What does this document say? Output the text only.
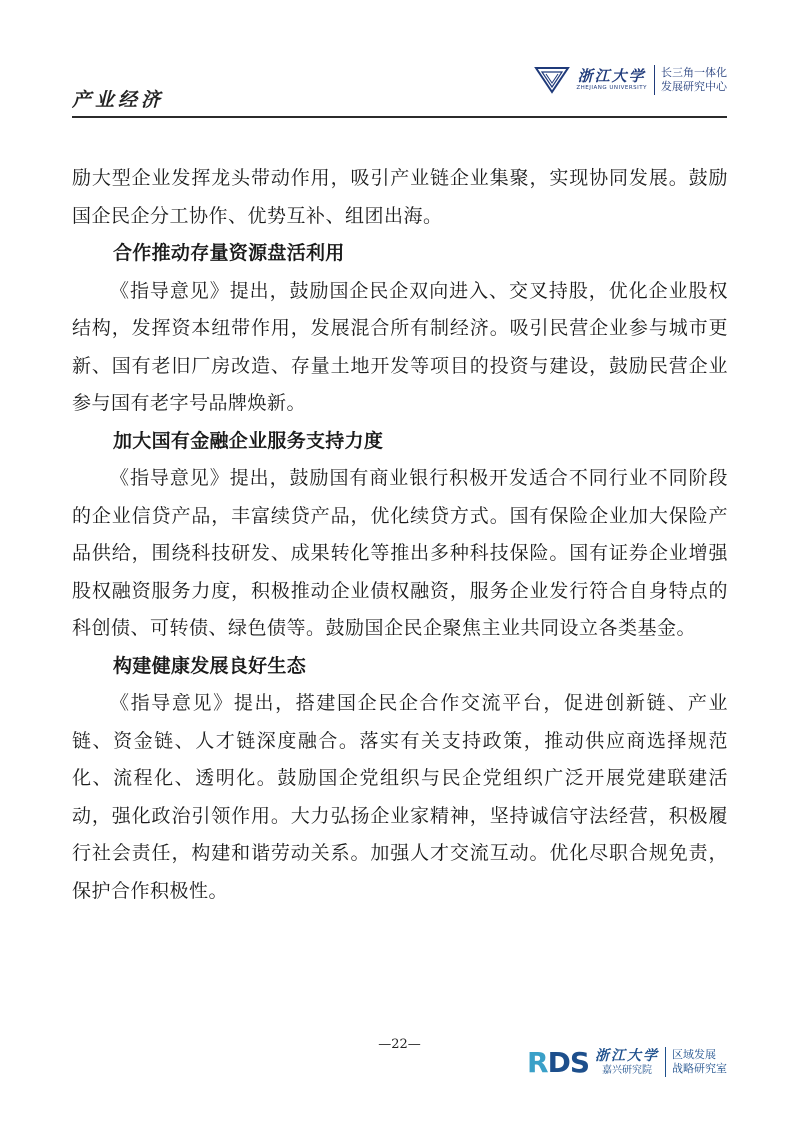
产业经济
浙江大学
ZHEJIANG UNIVERSITY
长三角一体化
发展研究中心

励大型企业发挥龙头带动作用，吸引产业链企业集聚，实现协同发展。鼓励国企民企分工协作、优势互补、组团出海。

合作推动存量资源盘活利用

《指导意见》提出，鼓励国企民企双向进入、交叉持股，优化企业股权结构，发挥资本纽带作用，发展混合所有制经济。吸引民营企业参与城市更新、国有老旧厂房改造、存量土地开发等项目的投资与建设，鼓励民营企业参与国有老字号品牌焕新。

加大国有金融企业服务支持力度

《指导意见》提出，鼓励国有商业银行积极开发适合不同行业不同阶段的企业信贷产品，丰富续贷产品，优化续贷方式。国有保险企业加大保险产品供给，围绕科技研发、成果转化等推出多种科技保险。国有证券企业增强股权融资服务力度，积极推动企业债权融资，服务企业发行符合自身特点的科创债、可转债、绿色债等。鼓励国企民企聚焦主业共同设立各类基金。

构建健康发展良好生态

《指导意见》提出，搭建国企民企合作交流平台，促进创新链、产业链、资金链、人才链深度融合。落实有关支持政策，推动供应商选择规范化、流程化、透明化。鼓励国企党组织与民企党组织广泛开展党建联建活动，强化政治引领作用。大力弘扬企业家精神，坚持诚信守法经营，积极履行社会责任，构建和谐劳动关系。加强人才交流互动。优化尽职合规免责，保护合作积极性。

—22—
RDS 浙江大学
嘉兴研究院
区域发展
战略研究室
